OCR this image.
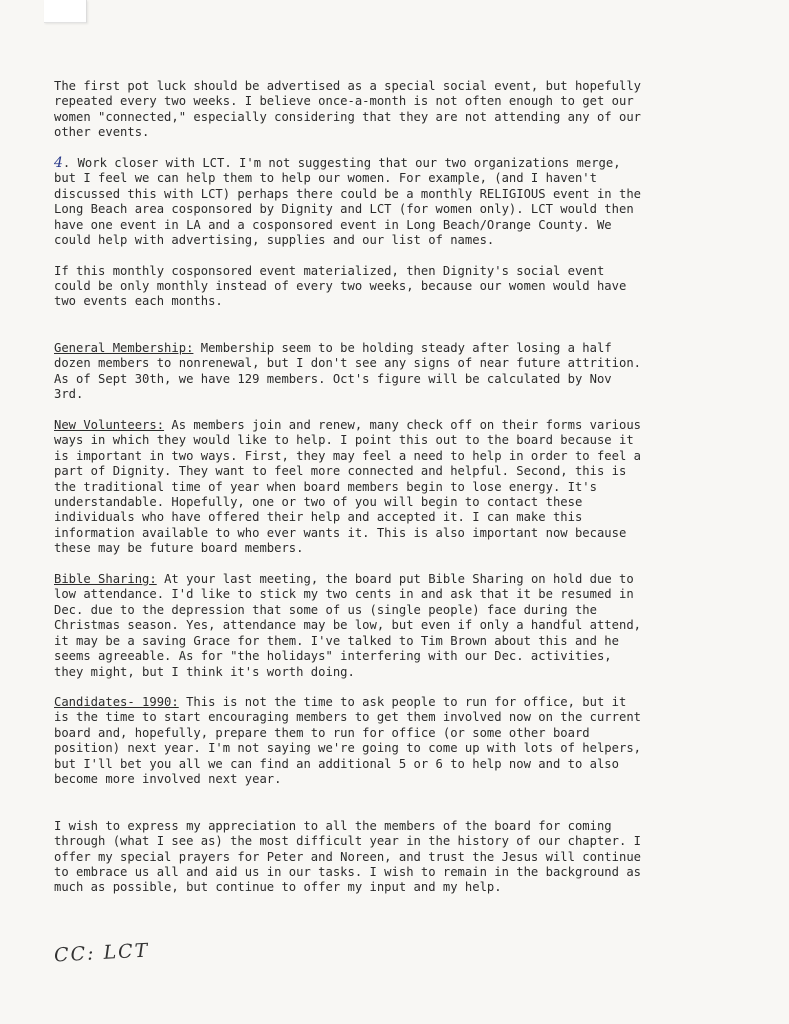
The first pot luck should be advertised as a special social event, but hopefully
repeated every two weeks. I believe once-a-month is not often enough to get our
women "connected," especially considering that they are not attending any of our
other events.

4. Work closer with LCT. I'm not suggesting that our two organizations merge,
but I feel we can help them to help our women. For example, (and I haven't
discussed this with LCT) perhaps there could be a monthly RELIGIOUS event in the
Long Beach area cosponsored by Dignity and LCT (for women only). LCT would then
have one event in LA and a cosponsored event in Long Beach/Orange County. We
could help with advertising, supplies and our list of names.

If this monthly cosponsored event materialized, then Dignity's social event
could be only monthly instead of every two weeks, because our women would have
two events each months.

General Membership: Membership seem to be holding steady after losing a half
dozen members to nonrenewal, but I don't see any signs of near future attrition.
As of Sept 30th, we have 129 members. Oct's figure will be calculated by Nov
3rd.

New Volunteers: As members join and renew, many check off on their forms various
ways in which they would like to help. I point this out to the board because it
is important in two ways. First, they may feel a need to help in order to feel a
part of Dignity. They want to feel more connected and helpful. Second, this is
the traditional time of year when board members begin to lose energy. It's
understandable. Hopefully, one or two of you will begin to contact these
individuals who have offered their help and accepted it. I can make this
information available to who ever wants it. This is also important now because
these may be future board members.

Bible Sharing: At your last meeting, the board put Bible Sharing on hold due to
low attendance. I'd like to stick my two cents in and ask that it be resumed in
Dec. due to the depression that some of us (single people) face during the
Christmas season. Yes, attendance may be low, but even if only a handful attend,
it may be a saving Grace for them. I've talked to Tim Brown about this and he
seems agreeable. As for "the holidays" interfering with our Dec. activities,
they might, but I think it's worth doing.

Candidates- 1990: This is not the time to ask people to run for office, but it
is the time to start encouraging members to get them involved now on the current
board and, hopefully, prepare them to run for office (or some other board
position) next year. I'm not saying we're going to come up with lots of helpers,
but I'll bet you all we can find an additional 5 or 6 to help now and to also
become more involved next year.

I wish to express my appreciation to all the members of the board for coming
through (what I see as) the most difficult year in the history of our chapter. I
offer my special prayers for Peter and Noreen, and trust the Jesus will continue
to embrace us all and aid us in our tasks. I wish to remain in the background as
much as possible, but continue to offer my input and my help.

CC: LCT
